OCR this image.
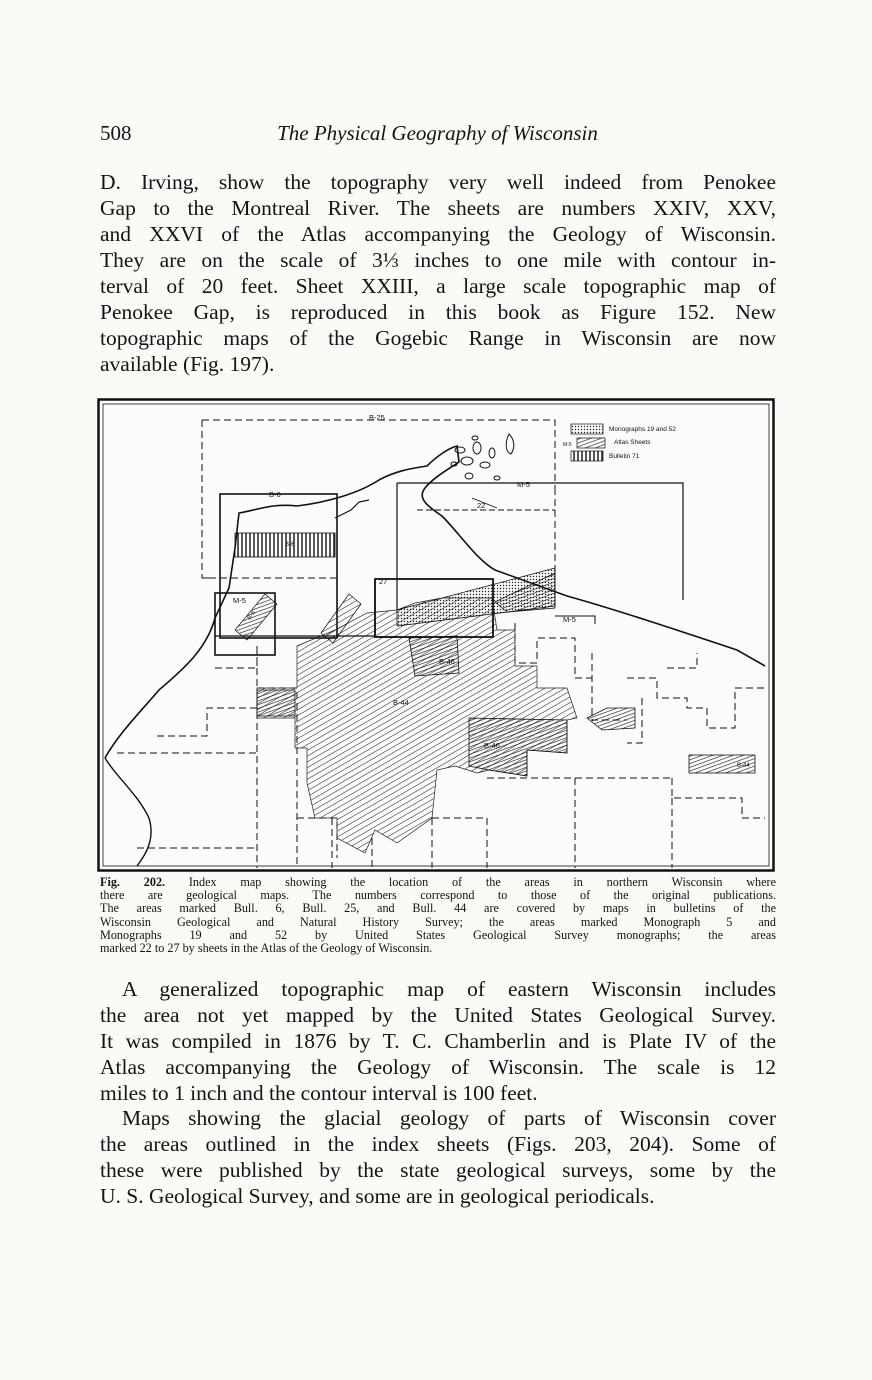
508	The Physical Geography of Wisconsin

D. Irving, show the topography very well indeed from Penokee
Gap to the Montreal River. The sheets are numbers XXIV, XXV,
and XXVI of the Atlas accompanying the Geology of Wisconsin.
They are on the scale of 3⅓ inches to one mile with contour in-
terval of 20 feet. Sheet XXIII, a large scale topographic map of
Penokee Gap, is reproduced in this book as Figure 152. New
topographic maps of the Gogebic Range in Wisconsin are now
available (Fig. 197).

B-25
B-6
B-6
M-5
B-6
M-5
M-5
22
27
B-46
B-44
B-46
B-44
Monographs 19 and 52
Atlas Sheets
Bulletin 71
M-5

Fig. 202. Index map showing the location of the areas in northern Wisconsin where
there are geological maps. The numbers correspond to those of the original publications.
The areas marked Bull. 6, Bull. 25, and Bull. 44 are covered by maps in bulletins of the
Wisconsin Geological and Natural History Survey; the areas marked Monograph 5 and
Monographs 19 and 52 by United States Geological Survey monographs; the areas
marked 22 to 27 by sheets in the Atlas of the Geology of Wisconsin.

A generalized topographic map of eastern Wisconsin includes
the area not yet mapped by the United States Geological Survey.
It was compiled in 1876 by T. C. Chamberlin and is Plate IV of the
Atlas accompanying the Geology of Wisconsin. The scale is 12
miles to 1 inch and the contour interval is 100 feet.

Maps showing the glacial geology of parts of Wisconsin cover
the areas outlined in the index sheets (Figs. 203, 204). Some of
these were published by the state geological surveys, some by the
U. S. Geological Survey, and some are in geological periodicals.
